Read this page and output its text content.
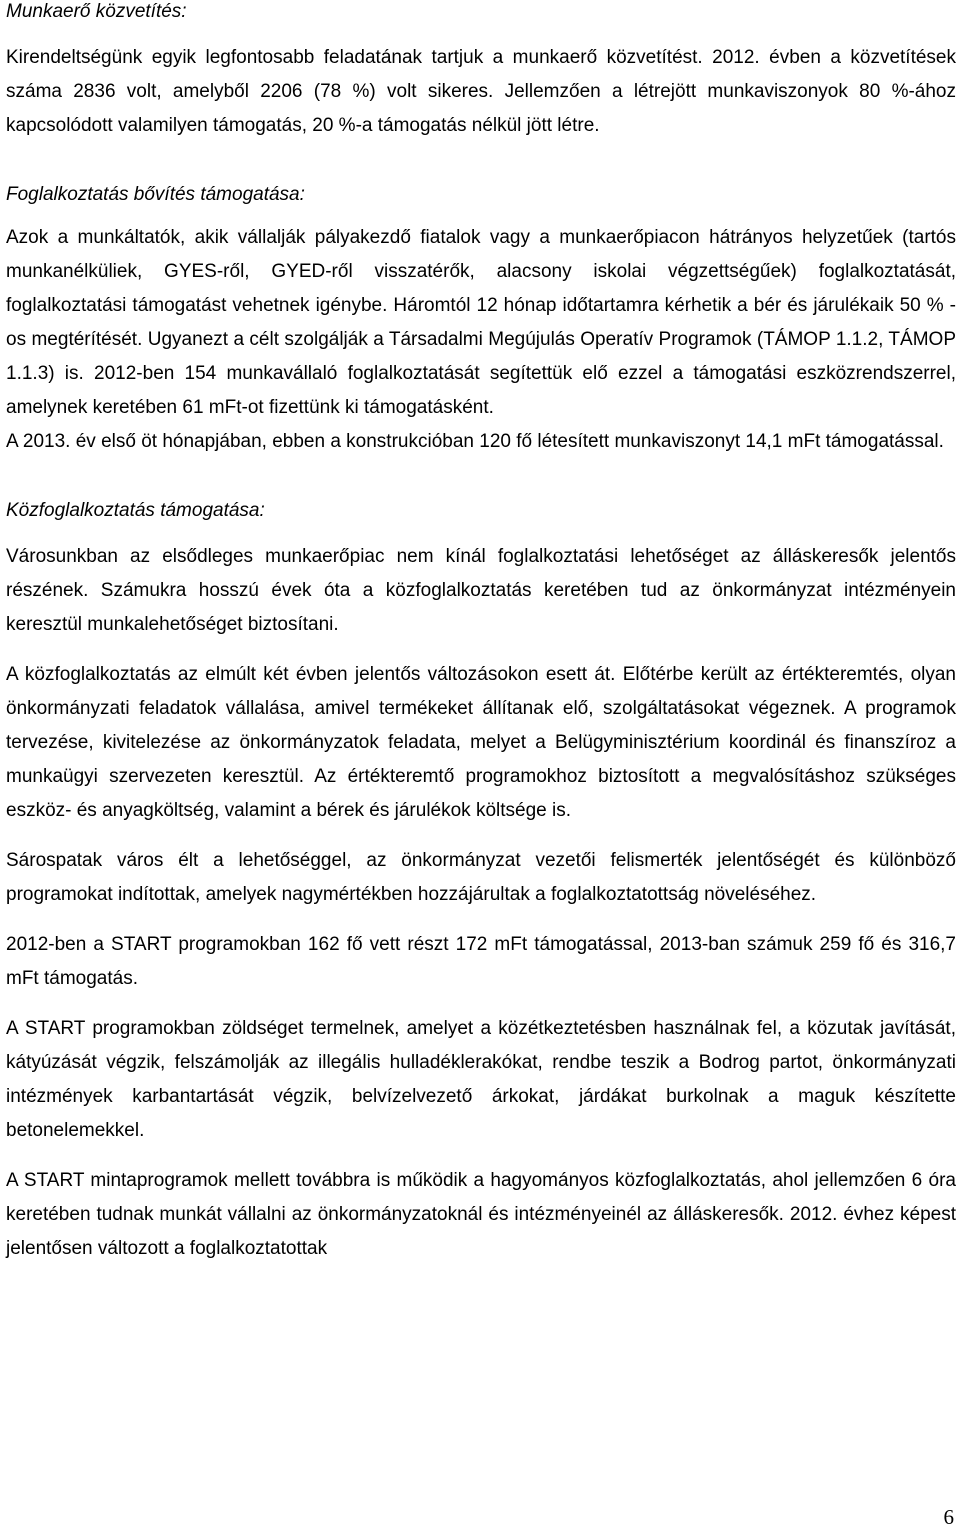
Munkaerő közvetítés:

Kirendeltségünk egyik legfontosabb feladatának tartjuk a munkaerő közvetítést. 2012. évben a közvetítések száma 2836 volt, amelyből 2206 (78 %) volt sikeres. Jellemzően a létrejött munkaviszonyok 80 %-ához kapcsolódott valamilyen támogatás, 20 %-a támogatás nélkül jött létre.

Foglalkoztatás bővítés támogatása:

Azok a munkáltatók, akik vállalják pályakezdő fiatalok vagy a munkaerőpiacon hátrányos helyzetűek (tartós munkanélküliek, GYES-ről, GYED-ről visszatérők, alacsony iskolai végzettségűek) foglalkoztatását, foglalkoztatási támogatást vehetnek igénybe. Háromtól 12 hónap időtartamra kérhetik a bér és járulékaik 50 % - os megtérítését. Ugyanezt a célt szolgálják a Társadalmi Megújulás Operatív Programok (TÁMOP 1.1.2, TÁMOP 1.1.3) is. 2012-ben 154 munkavállaló foglalkoztatását segítettük elő ezzel a támogatási eszközrendszerrel, amelynek keretében 61 mFt-ot fizettünk ki támogatásként.

A 2013. év első öt hónapjában, ebben a konstrukcióban 120 fő létesített munkaviszonyt 14,1 mFt támogatással.

Közfoglalkoztatás támogatása:

Városunkban az elsődleges munkaerőpiac nem kínál foglalkoztatási lehetőséget az álláskeresők jelentős részének. Számukra hosszú évek óta a közfoglalkoztatás keretében tud az önkormányzat intézményein keresztül munkalehetőséget biztosítani.

A közfoglalkoztatás az elmúlt két évben jelentős változásokon esett át. Előtérbe került az értékteremtés, olyan önkormányzati feladatok vállalása, amivel termékeket állítanak elő, szolgáltatásokat végeznek. A programok tervezése, kivitelezése az önkormányzatok feladata, melyet a Belügyminisztérium koordinál és finanszíroz a munkaügyi szervezeten keresztül. Az értékteremtő programokhoz biztosított a megvalósításhoz szükséges eszköz- és anyagköltség, valamint a bérek és járulékok költsége is.

Sárospatak város élt a lehetőséggel, az önkormányzat vezetői felismerték jelentőségét és különböző programokat indítottak, amelyek nagymértékben hozzájárultak a foglalkoztatottság növeléséhez.

2012-ben a START programokban 162 fő vett részt 172 mFt támogatással, 2013-ban számuk 259 fő és 316,7 mFt támogatás.

A START programokban zöldséget termelnek, amelyet a közétkeztetésben használnak fel, a közutak javítását, kátyúzását végzik, felszámolják az illegális hulladéklerakókat, rendbe teszik a Bodrog partot, önkormányzati intézmények karbantartását végzik, belvízelvezető árkokat, járdákat burkolnak a maguk készítette betonelemekkel.

A START mintaprogramok mellett továbbra is működik a hagyományos közfoglalkoztatás, ahol jellemzően 6 óra keretében tudnak munkát vállalni az önkormányzatoknál és intézményeinél az álláskeresők. 2012. évhez képest jelentősen változott a foglalkoztatottak

6
